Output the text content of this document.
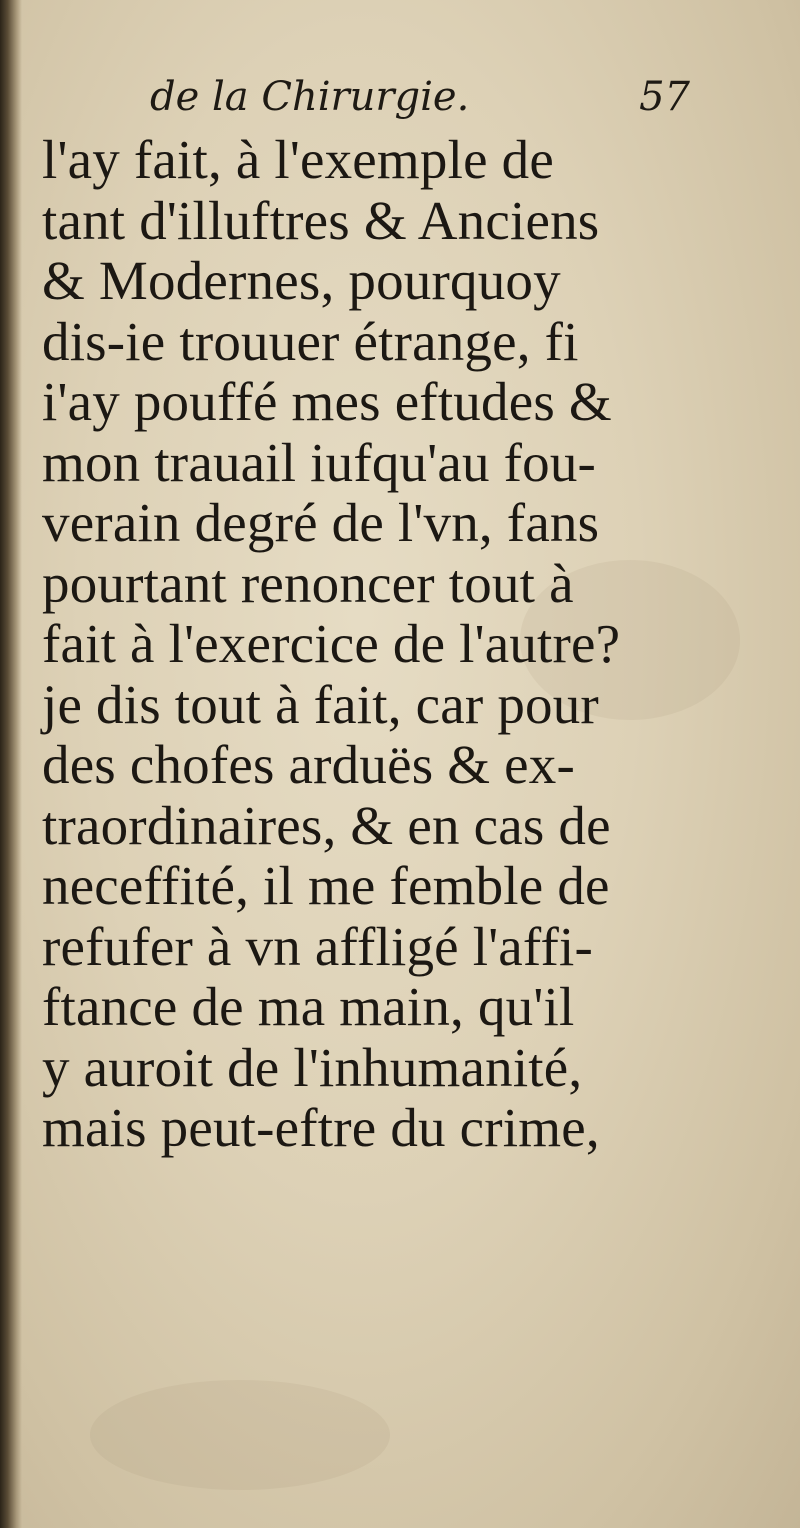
de la Chirurgie.	57
l'ay fait, à l'exemple de
tant d'illuftres & Anciens
& Modernes, pourquoy
dis-ie trouuer étrange, fi
i'ay pouffé mes eftudes &
mon trauail iufqu'au fou-
verain degré de l'vn, fans
pourtant renoncer tout à
fait à l'exercice de l'autre?
je dis tout à fait, car pour
des chofes arduës & ex-
traordinaires, & en cas de
neceffité, il me femble de
refufer à vn affligé l'affi-
ftance de ma main, qu'il
y auroit de l'inhumanité,
mais peut-eftre du crime,
